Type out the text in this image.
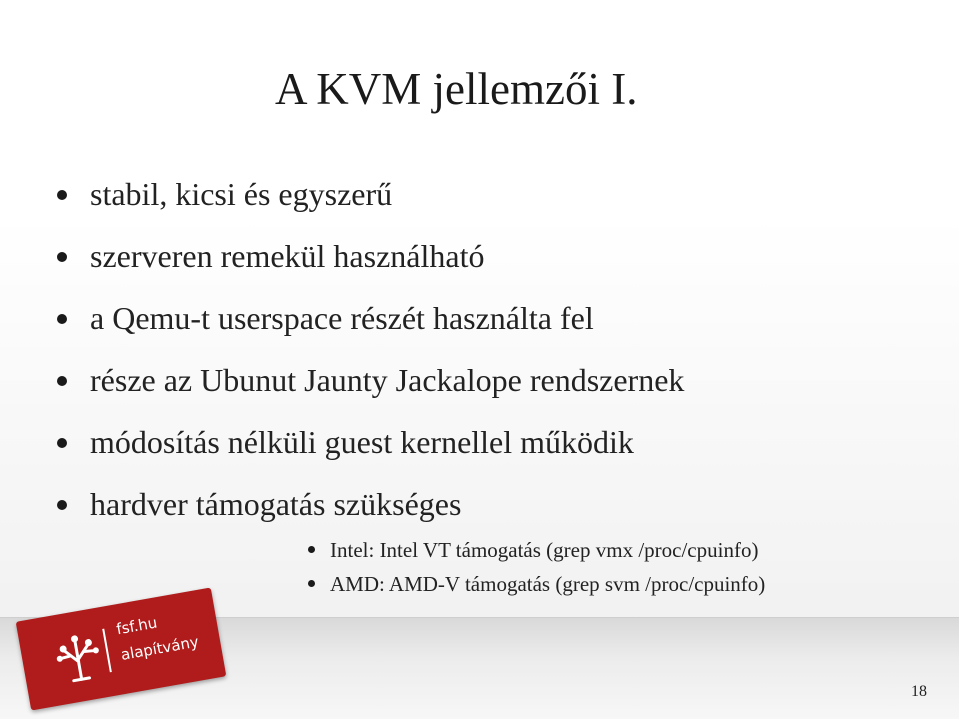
A KVM jellemzői I.
stabil, kicsi és egyszerű
szerveren remekül használható
a Qemu-t userspace részét használta fel
része az Ubunut Jaunty Jackalope rendszernek
módosítás nélküli guest kernellel működik
hardver támogatás szükséges
Intel: Intel VT támogatás (grep vmx /proc/cpuinfo)
AMD: AMD-V támogatás (grep svm /proc/cpuinfo)
fsf.hu
alapítvány
18
